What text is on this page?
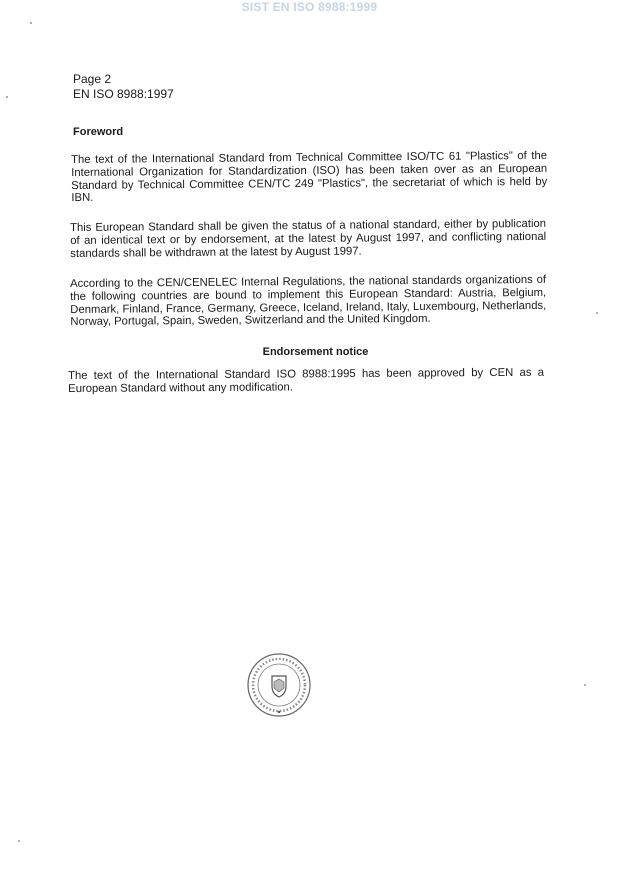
SIST EN ISO 8988:1999
Page 2
EN ISO 8988:1997
Foreword
The text of the International Standard from Technical Committee ISO/TC 61 "Plastics" of the International Organization for Standardization (ISO) has been taken over as an European Standard by Technical Committee CEN/TC 249 "Plastics", the secretariat of which is held by IBN.
This European Standard shall be given the status of a national standard, either by publication of an identical text or by endorsement, at the latest by August 1997, and conflicting national standards shall be withdrawn at the latest by August 1997.
According to the CEN/CENELEC Internal Regulations, the national standards organizations of the following countries are bound to implement this European Standard: Austria, Belgium, Denmark, Finland, France, Germany, Greece, Iceland, Ireland, Italy, Luxembourg, Netherlands, Norway, Portugal, Spain, Sweden, Switzerland and the United Kingdom.
Endorsement notice
The text of the International Standard ISO 8988:1995 has been approved by CEN as a European Standard without any modification.
